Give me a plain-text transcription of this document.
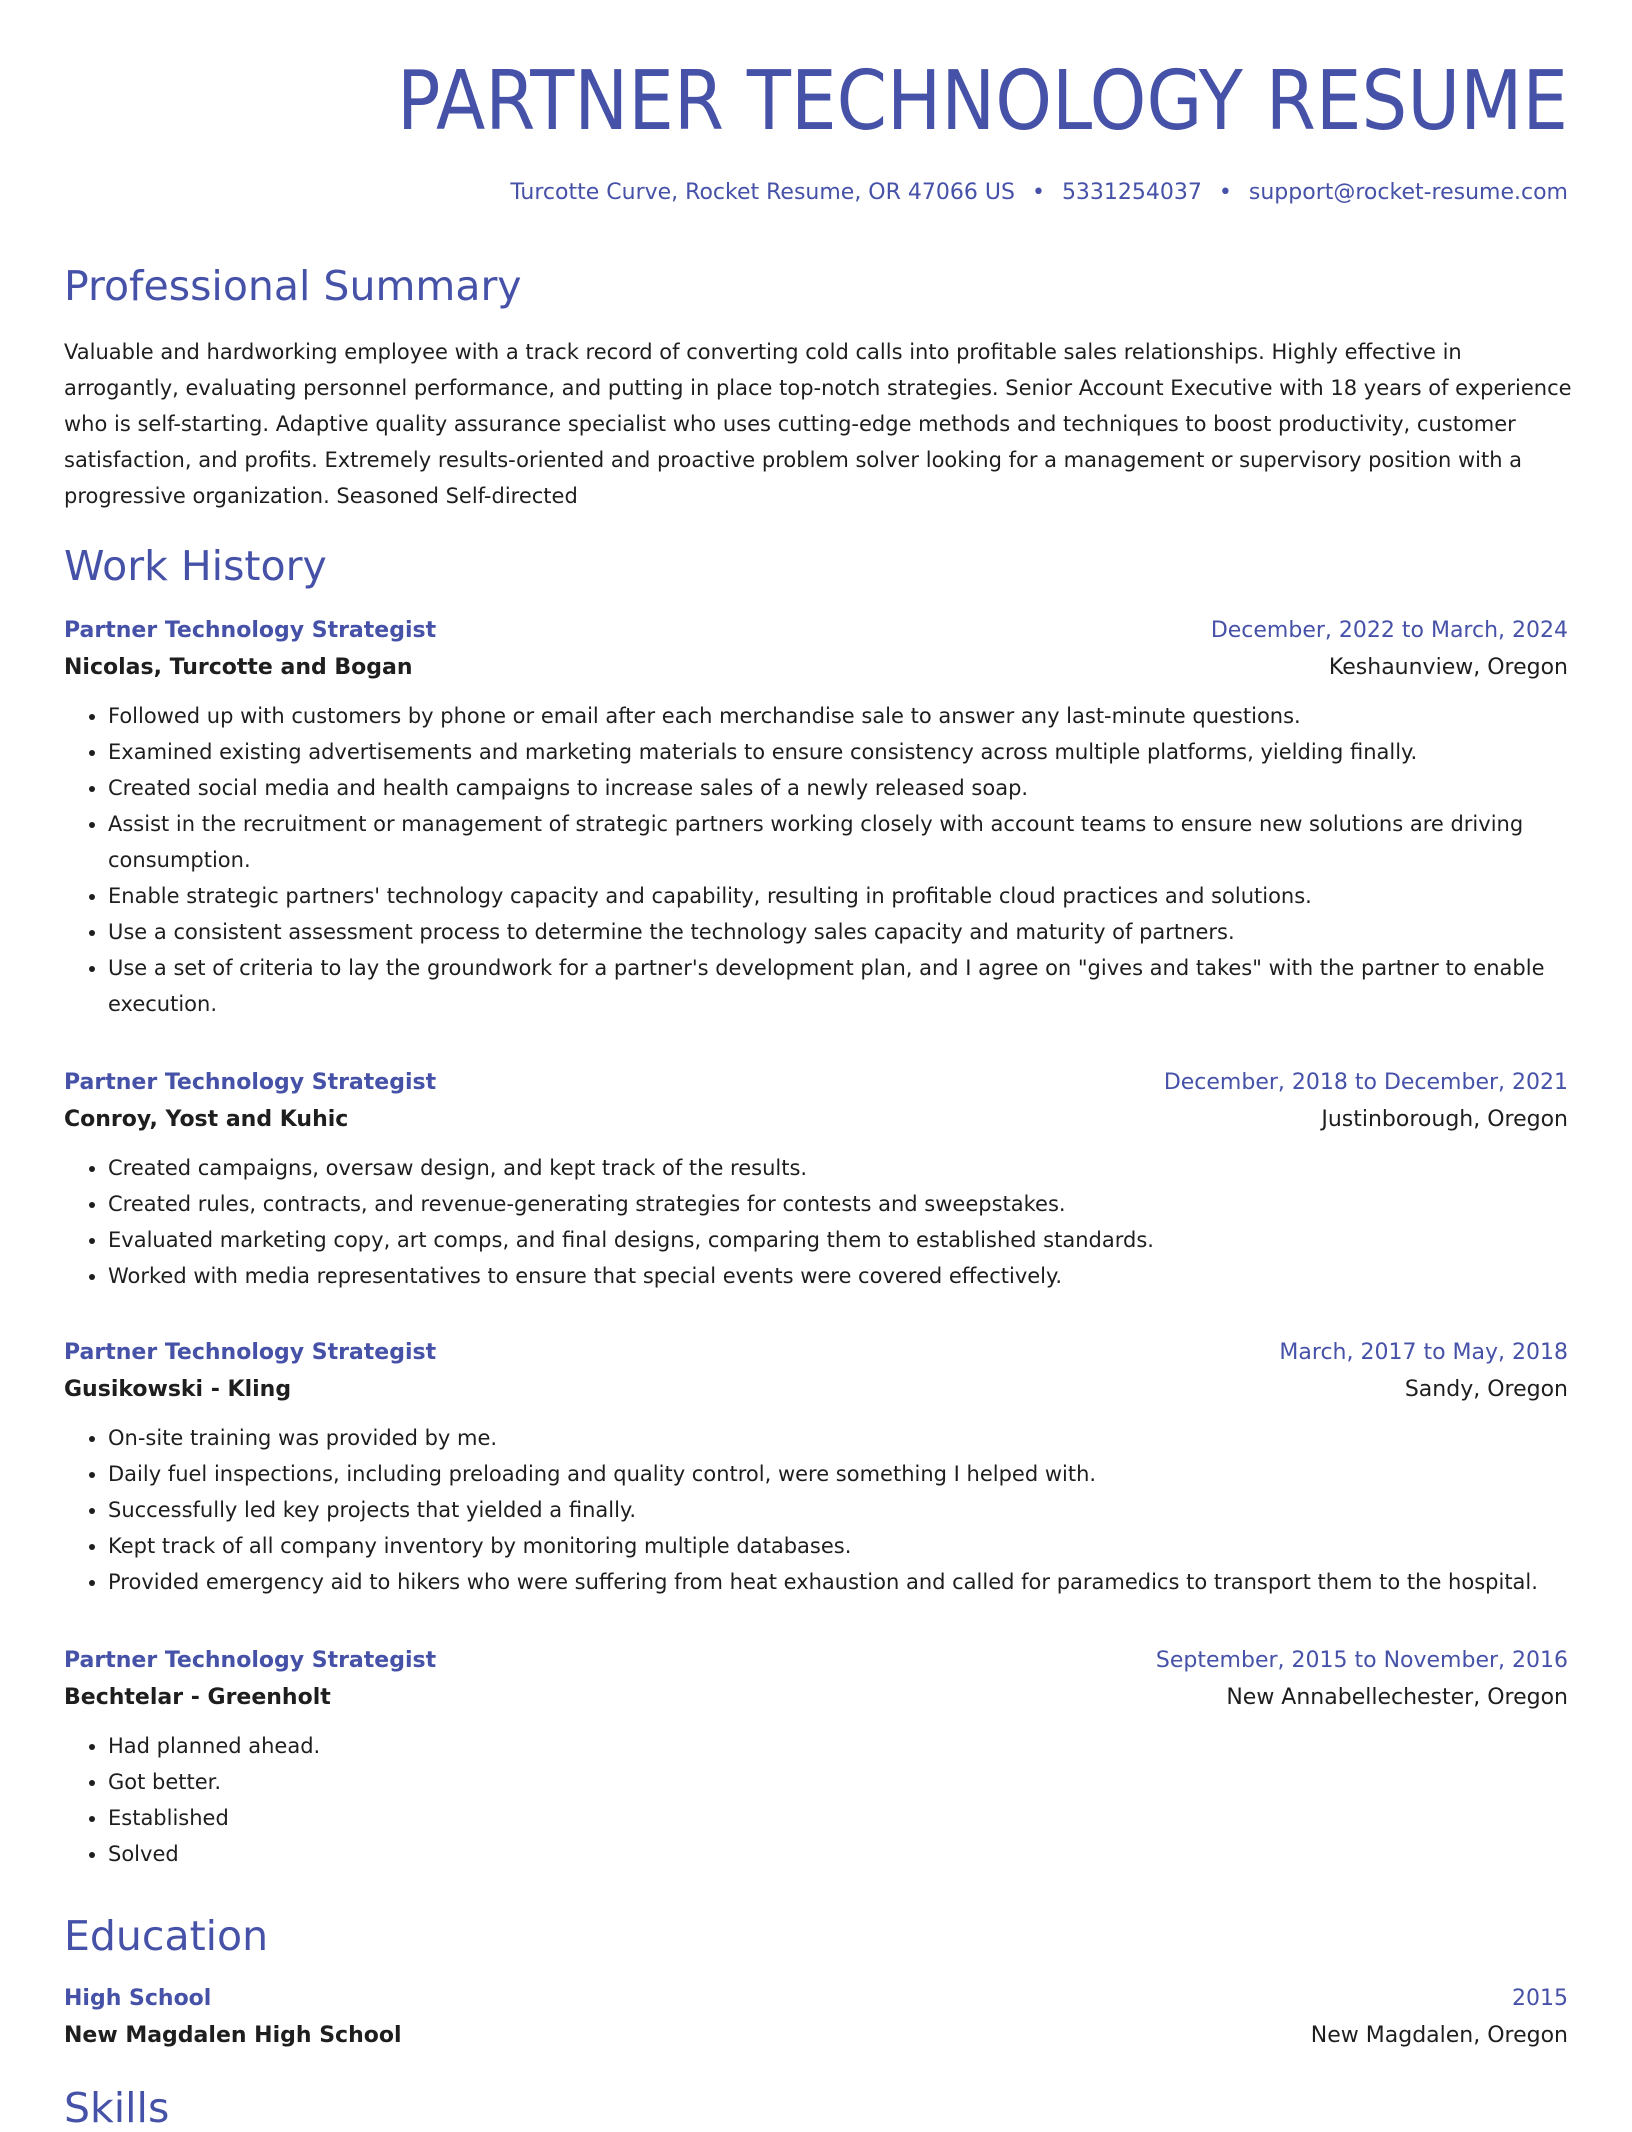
PARTNER TECHNOLOGY RESUME
Turcotte Curve, Rocket Resume, OR 47066 US • 5331254037 • support@rocket-resume.com
Professional Summary

Valuable and hardworking employee with a track record of converting cold calls into profitable sales relationships. Highly effective in arrogantly, evaluating personnel performance, and putting in place top-notch strategies. Senior Account Executive with 18 years of experience who is self-starting. Adaptive quality assurance specialist who uses cutting-edge methods and techniques to boost productivity, customer satisfaction, and profits. Extremely results-oriented and proactive problem solver looking for a management or supervisory position with a progressive organization. Seasoned Self-directed

Work History
Partner Technology Strategist	December, 2022 to March, 2024
Nicolas, Turcotte and Bogan	Keshaunview, Oregon
• Followed up with customers by phone or email after each merchandise sale to answer any last-minute questions.
• Examined existing advertisements and marketing materials to ensure consistency across multiple platforms, yielding finally.
• Created social media and health campaigns to increase sales of a newly released soap.
• Assist in the recruitment or management of strategic partners working closely with account teams to ensure new solutions are driving consumption.
• Enable strategic partners' technology capacity and capability, resulting in profitable cloud practices and solutions.
• Use a consistent assessment process to determine the technology sales capacity and maturity of partners.
• Use a set of criteria to lay the groundwork for a partner's development plan, and I agree on "gives and takes" with the partner to enable execution.
Partner Technology Strategist	December, 2018 to December, 2021
Conroy, Yost and Kuhic	Justinborough, Oregon
• Created campaigns, oversaw design, and kept track of the results.
• Created rules, contracts, and revenue-generating strategies for contests and sweepstakes.
• Evaluated marketing copy, art comps, and final designs, comparing them to established standards.
• Worked with media representatives to ensure that special events were covered effectively.
Partner Technology Strategist	March, 2017 to May, 2018
Gusikowski - Kling	Sandy, Oregon
• On-site training was provided by me.
• Daily fuel inspections, including preloading and quality control, were something I helped with.
• Successfully led key projects that yielded a finally.
• Kept track of all company inventory by monitoring multiple databases.
• Provided emergency aid to hikers who were suffering from heat exhaustion and called for paramedics to transport them to the hospital.
Partner Technology Strategist	September, 2015 to November, 2016
Bechtelar - Greenholt	New Annabellechester, Oregon
• Had planned ahead.
• Got better.
• Established
• Solved
Education
High School	2015
New Magdalen High School	New Magdalen, Oregon
Skills
